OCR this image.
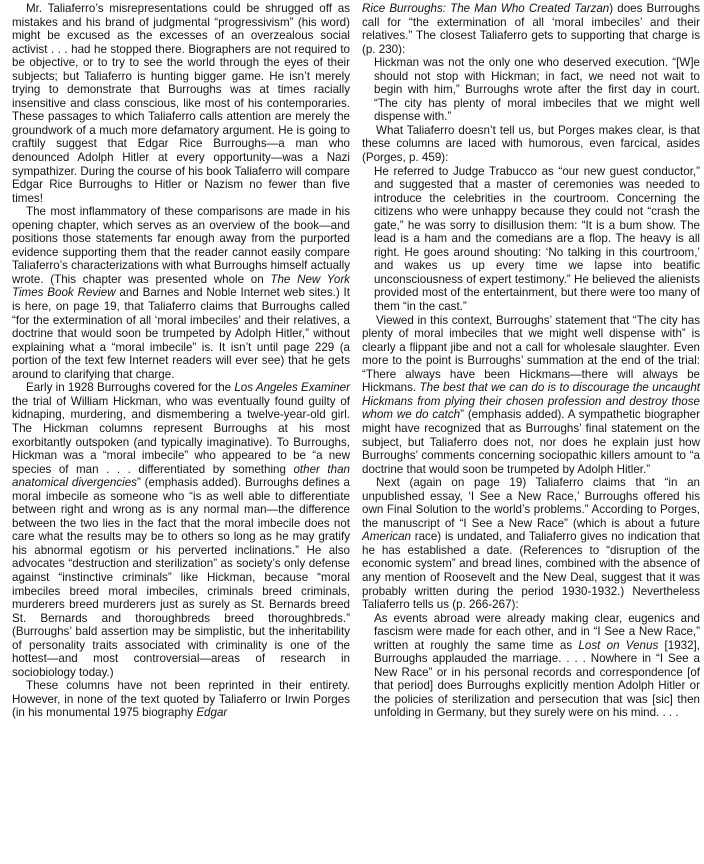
Mr. Taliaferro’s misrepresentations could be shrugged off as mistakes and his brand of judgmental “progressivism” (his word) might be excused as the excesses of an overzealous social activist . . . had he stopped there. Biographers are not required to be objective, or to try to see the world through the eyes of their subjects; but Taliaferro is hunting bigger game. He isn’t merely trying to demonstrate that Burroughs was at times racially insensitive and class conscious, like most of his contemporaries. These passages to which Taliaferro calls attention are merely the groundwork of a much more defamatory argument. He is going to craftily suggest that Edgar Rice Burroughs—a man who denounced Adolph Hitler at every opportunity—was a Nazi sympathizer. During the course of his book Taliaferro will compare Edgar Rice Burroughs to Hitler or Nazism no fewer than five times!

The most inflammatory of these comparisons are made in his opening chapter, which serves as an overview of the book—and positions those statements far enough away from the purported evidence supporting them that the reader cannot easily compare Taliaferro’s characterizations with what Burroughs himself actually wrote. (This chapter was presented whole on The New York Times Book Review and Barnes and Noble Internet web sites.) It is here, on page 19, that Taliaferro claims that Burroughs called “for the extermination of all ‘moral imbeciles’ and their relatives, a doctrine that would soon be trumpeted by Adolph Hitler,” without explaining what a “moral imbecile” is. It isn’t until page 229 (a portion of the text few Internet readers will ever see) that he gets around to clarifying that charge.

Early in 1928 Burroughs covered for the Los Angeles Examiner the trial of William Hickman, who was eventually found guilty of kidnaping, murdering, and dismembering a twelve-year-old girl. The Hickman columns represent Burroughs at his most exorbitantly outspoken (and typically imaginative). To Burroughs, Hickman was a “moral imbecile” who appeared to be “a new species of man . . . differentiated by something other than anatomical divergencies” (emphasis added). Burroughs defines a moral imbecile as someone who “is as well able to differentiate between right and wrong as is any normal man—the difference between the two lies in the fact that the moral imbecile does not care what the results may be to others so long as he may gratify his abnormal egotism or his perverted inclinations.” He also advocates “destruction and sterilization” as society’s only defense against “instinctive criminals” like Hickman, because “moral imbeciles breed moral imbeciles, criminals breed criminals, murderers breed murderers just as surely as St. Bernards breed St. Bernards and thoroughbreds breed thoroughbreds.” (Burroughs’ bald assertion may be simplistic, but the inheritability of personality traits associated with criminality is one of the hottest—and most controversial—areas of research in sociobiology today.)

These columns have not been reprinted in their entirety. However, in none of the text quoted by Taliaferro or Irwin Porges (in his monumental 1975 biography Edgar

Rice Burroughs: The Man Who Created Tarzan) does Burroughs call for “the extermination of all ‘moral imbeciles’ and their relatives.” The closest Taliaferro gets to supporting that charge is (p. 230):

Hickman was not the only one who deserved execution. “[W]e should not stop with Hickman; in fact, we need not wait to begin with him,” Burroughs wrote after the first day in court. “The city has plenty of moral imbeciles that we might well dispense with.”

What Taliaferro doesn’t tell us, but Porges makes clear, is that these columns are laced with humorous, even farcical, asides (Porges, p. 459):

He referred to Judge Trabucco as “our new guest conductor,” and suggested that a master of ceremonies was needed to introduce the celebrities in the courtroom. Concerning the citizens who were unhappy because they could not “crash the gate,” he was sorry to disillusion them: “It is a bum show. The lead is a ham and the comedians are a flop. The heavy is all right. He goes around shouting: ‘No talking in this courtroom,’ and wakes us up every time we lapse into beatific unconsciousness of expert testimony.” He believed the alienists provided most of the entertainment, but there were too many of them “in the cast.”

Viewed in this context, Burroughs’ statement that “The city has plenty of moral imbeciles that we might well dispense with” is clearly a flippant jibe and not a call for wholesale slaughter. Even more to the point is Burroughs’ summation at the end of the trial: “There always have been Hickmans—there will always be Hickmans. The best that we can do is to discourage the uncaught Hickmans from plying their chosen profession and destroy those whom we do catch” (emphasis added). A sympathetic biographer might have recognized that as Burroughs’ final statement on the subject, but Taliaferro does not, nor does he explain just how Burroughs’ comments concerning sociopathic killers amount to “a doctrine that would soon be trumpeted by Adolph Hitler.”

Next (again on page 19) Taliaferro claims that “in an unpublished essay, ‘I See a New Race,’ Burroughs offered his own Final Solution to the world’s problems.” According to Porges, the manuscript of “I See a New Race” (which is about a future American race) is undated, and Taliaferro gives no indication that he has established a date. (References to “disruption of the economic system” and bread lines, combined with the absence of any mention of Roosevelt and the New Deal, suggest that it was probably written during the period 1930-1932.) Nevertheless Taliaferro tells us (p. 266-267):

As events abroad were already making clear, eugenics and fascism were made for each other, and in “I See a New Race,” written at roughly the same time as Lost on Venus [1932], Burroughs applauded the marriage. . . . Nowhere in “I See a New Race” or in his personal records and correspondence [of that period] does Burroughs explicitly mention Adolph Hitler or the policies of sterilization and persecution that was [sic] then unfolding in Germany, but they surely were on his mind. . . .
